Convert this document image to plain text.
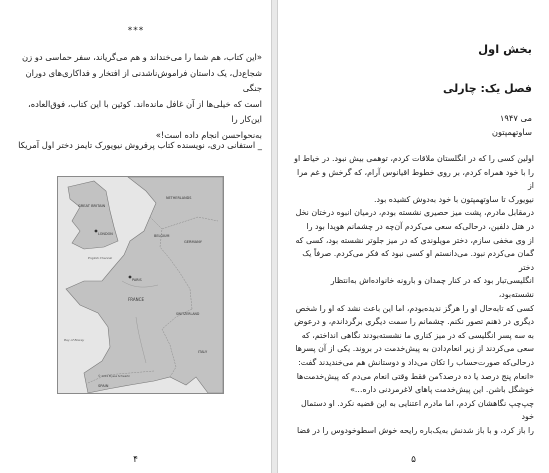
***

«این کتاب، هم شما را می‌خنداند و هم می‌گریاند، سفر حماسی دو زن

شجاع‌دل، یک داستان فراموش‌ناشدنی از افتخار و فداکاری‌های دوران جنگی

است که خیلی‌ها از آن غافل مانده‌اند. کوئین با این کتاب، فوق‌العاده، این‌کار را

به‌نحواحسن انجام داده است!»

_ استفانی دری، نویسنده کتاب پرفروش نیویورک تایمز دختر اول آمریکا
GREAT BRITAIN
LONDON
PARIS
FRANCE
NETHERLANDS
BELGIUM
GERMANY
SWITZERLAND
ITALY
SPAIN
English Channel
Bay of Biscay
© 2019 Elyssa Schwartz
۴
بخش اول
فصل یک: چارلی
می ۱۹۴۷
ساوتهمپتون

اولین کسی را که در انگلستان ملاقات کردم، توهمی بیش نبود. در خیاط او

را با خود همراه کردم، بر روی خطوط اقیانوس آرام، که گرخش و غم مرا از

نیویورک تا ساوتهمپتون با خود به‌دوش کشیده بود.

درمقابل مادرم، پشت میز حصیری نشسته بودم، درمیان انبوه درختان نخل

در هتل دلفین، درحالی‌که سعی می‌کردم آن‌چه در چشمانم هویدا بود را

از وی مخفی سازم، دختر مویلوندی که در میز جلوتر نشسته بود، کسی که

گمان می‌کردم نبود. می‌دانستم او کسی نبود که فکر می‌کردم. صرفاً یک دختر

انگلیسی‌تبار بود که در کنار چمدان و بارونه خانواده‌اش به‌انتظار نشسته‌بود،

کسی که تابه‌حال او را هرگز ندیده‌بودم، اما این باعث نشد که او را شخص

دیگری در ذهنم تصور نکنم. چشمانم را سمت دیگری برگرداندم، و درعوض

به سه پسر انگلیسی که در میز کناری ما نشسته‌بودند نگاهی انداختم، که

سعی می‌کردند از زیر انعام‌دادن به پیش‌خدمت در بروند. یکی از آن پسرها

درحالی‌که صورت‌حساب را تکان می‌داد و دوستانش هم می‌خندیدند گفت:

«انعام پنج درصد یا ده درصد؟من فقط وقتی انعام می‌دم که پیش‌خدمت‌ها

خوشگل باشن. این پیش‌خدمت پاهای لاغرمردنی داره...»

چپ‌چپ نگاهشان کردم، اما مادرم اعتنایی به این قضیه نکرد. او دستمال خود

را باز کرد، و با باز شدنش به‌یک‌باره رایحه خوش اسطوخودوس را در فضا

۵
